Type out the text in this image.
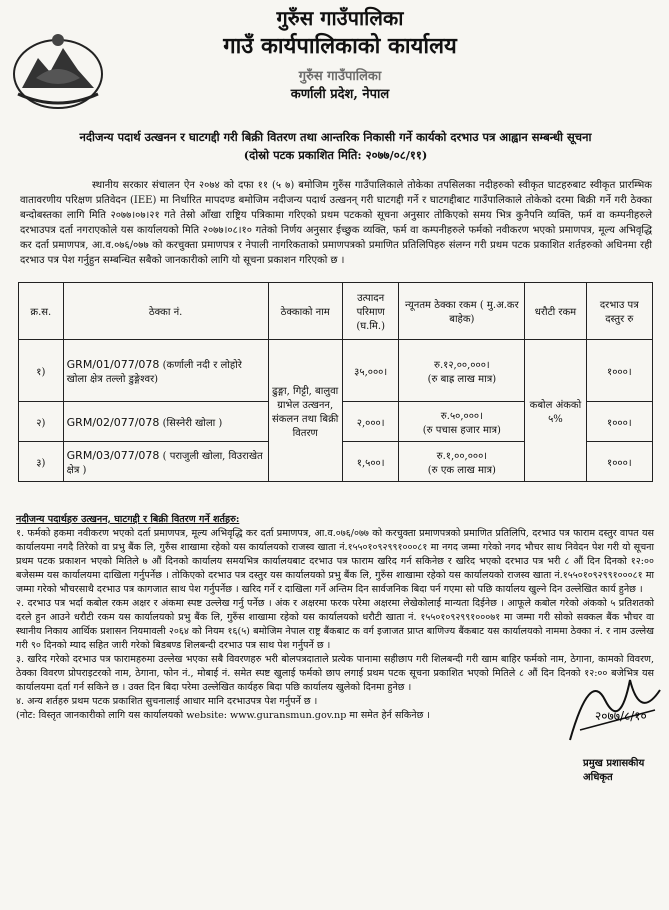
गुरुँस गाउँपालिका
गाउँ कार्यपालिकाको कार्यालय
गुरुँस गाउँपालिका
कर्णाली प्रदेश, नेपाल
नदीजन्य पदार्थ उत्खनन र घाटगद्दी गरी बिक्री वितरण तथा आन्तरिक निकासी गर्ने कार्यको दरभाउ पत्र आह्वान सम्बन्धी सूचना
(दोस्रो पटक प्रकाशित मिति: २०७७/०८/११)
स्थानीय सरकार संचालन ऐन २०७४ को दफा ११ (५ ७) बमोजिम गुरुँस गाउँपालिकाले तोकेका तपसिलका नदीहरुको स्वीकृत घाटहरुबाट स्वीकृत प्रारम्भिक वातावरणीय परिक्षण प्रतिवेदन (IEE) मा निर्धारित मापदण्ड बमोजिम नदीजन्य पदार्थ उत्खनन् गरी घाटगद्दी गर्ने र घाटगद्दीबाट गाउँपालिकाले तोकेको दरमा बिक्री गर्ने गरी ठेक्का बन्दोबस्तका लागि मिति २०७७।०७।२१ गते तेस्रो आँखा राष्ट्रिय पत्रिकामा गरिएको प्रथम पटकको सूचना अनुसार तोकिएको समय भित्र कुनैपनि व्यक्ति, फर्म वा कम्पनीहरुले दरभाउपत्र दर्ता नगराएकोले यस कार्यालयको मिति २०७७।०८।१० गतेको निर्णय अनुसार ईच्छुक व्यक्ति, फर्म वा कम्पनीहरुले फर्मको नवीकरण भएको प्रमाणपत्र, मूल्य अभिवृद्धि कर दर्ता प्रमाणपत्र, आ.व.०७६/०७७ को करचुक्ता प्रमाणपत्र र नेपाली नागरिकताको प्रमाणपत्रको प्रमाणित प्रतिलिपिहरु संलग्न गरी प्रथम पटक प्रकाशित शर्तहरुको अधिनमा रही दरभाउ पत्र पेश गर्नुहुन सम्बन्धित सबैको जानकारीको लागि यो सूचना प्रकाशन गरिएको छ ।
क्र.स.	ठेक्का नं.	ठेक्काको नाम	उत्पादन परिमाण (घ.मि.)	न्यूनतम ठेक्का रकम ( मु.अ.कर बाहेक)	धरौटी रकम	दरभाउ पत्र दस्तुर रु
१)	GRM/01/077/078 (कर्णाली नदी र लोहोरे खोला क्षेत्र तल्लो डुङ्गेश्वर)	ढुङ्गा, गिट्टी, बालुवा ग्राभेल उत्खनन, संकलन तथा बिक्री वितरण	३५,०००।	रु.१२,००,०००।
(रु बाह्र लाख मात्र)	कबोल अंकको ५%	१०००।
२)	GRM/02/077/078 (सिस्नेरी खोला )		२,०००।	रु.५०,०००।
(रु पचास हजार मात्र)		१०००।
३)	GRM/03/077/078 ( पराजुली खोला, विउराखेत क्षेत्र )		१,५००।	रु.१,००,०००।
(रु एक लाख मात्र)		१०००।

नदीजन्य पदार्थहरु उत्खनन, घाटगद्दी र बिक्री वितरण गर्ने शर्तहरु:

१. फर्मको हकमा नवीकरण भएको दर्ता प्रमाणपत्र, मूल्य अभिवृद्धि कर दर्ता प्रमाणपत्र, आ.व.०७६/०७७ को करचुक्ता प्रमाणपत्रको प्रमाणित प्रतिलिपि, दरभाउ पत्र फाराम दस्तुर वापत यस कार्यालयमा नगदै तिरेको वा प्रभु बैंक लि, गुरुँस शाखामा रहेको यस कार्यालयको राजस्व खाता नं.१५५०१०९२९९१०००८१ मा नगद जम्मा गरेको नगद भौचर साथ निवेदन पेश गरी यो सूचना प्रथम पटक प्रकाशन भएको मितिले ७ औं दिनको कार्यालय समयभित्र कार्यालयबाट दरभाउ पत्र फाराम खरिद गर्न सकिनेछ र खरिद भएको दरभाउ पत्र भरी ८ औं दिन दिनको १२:०० बजेसम्म यस कार्यालयमा दाखिला गर्नुपर्नेछ । तोकिएको दरभाउ पत्र दस्तुर यस कार्यालयको प्रभु बैंक लि, गुरुँस शाखामा रहेको यस कार्यालयको राजस्व खाता नं.१५५०१०९२९९१०००८१ मा जम्मा गरेको भौचरसाथै दरभाउ पत्र कागजात साथ पेश गर्नुपर्नेछ । खरिद गर्ने र दाखिला गर्ने अन्तिम दिन सार्वजनिक बिदा पर्न गएमा सो पछि कार्यालय खुल्ने दिन उल्लेखित कार्य हुनेछ ।

२. दरभाउ पत्र भर्दा कबोल रकम अक्षर र अंकमा स्पष्ट उल्लेख गर्नु पर्नेछ । अंक र अक्षरमा फरक परेमा अक्षरमा लेखेकोलाई मान्यता दिईनेछ । आफूले कबोल गरेको अंकको ५ प्रतिशतको दरले हुन आउने धरौटी रकम यस कार्यालयको प्रभु बैंक लि, गुरुँस शाखामा रहेको यस कार्यालयको धरौटी खाता नं. १५५०१०९२९९१०००७१ मा जम्मा गरी सोको सक्कल बैंक भौचर वा स्थानीय निकाय आर्थिक प्रशासन नियमावली २०६४ को नियम १६(५) बमोजिम नेपाल राष्ट्र बैंकबाट क वर्ग इजाजत प्राप्त बाणिज्य बैंकबाट यस कार्यालयको नाममा ठेक्का नं. र नाम उल्लेख गरी ९० दिनको म्याद सहित जारी गरेको बिडबण्ड शिलबन्दी दरभाउ पत्र साथ पेश गर्नुपर्ने छ ।

३. खरिद गरेको दरभाउ पत्र फारामहरुमा उल्लेख भएका सबै विवरणहरु भरी बोलपत्रदाताले प्रत्येक पानामा सहीछाप गरी शिलबन्दी गरी खाम बाहिर फर्मको नाम, ठेगाना, कामको विवरण, ठेक्का विवरण प्रोपराइटरको नाम, ठेगाना, फोन नं., मोबाई नं. समेत स्पष्ट खुलाई फर्मको छाप लगाई प्रथम पटक सूचना प्रकाशित भएको मितिले ८ औं दिन दिनको १२:०० बजेभित्र यस कार्यालयमा दर्ता गर्न सकिने छ । उक्त दिन बिदा परेमा उल्लेखित कार्यहरु बिदा पछि कार्यालय खुलेको दिनमा हुनेछ ।

४. अन्य शर्तहरु प्रथम पटक प्रकाशित सुचनालाई आधार मानि दरभाउपत्र पेश गर्नुपर्ने छ ।

(नोट: विस्तृत जानकारीको लागि यस कार्यालयको website: www.guransmun.gov.np मा समेत हेर्न सकिनेछ ।	२०७७/८/१०
प्रमुख प्रशासकीय अधिकृत
